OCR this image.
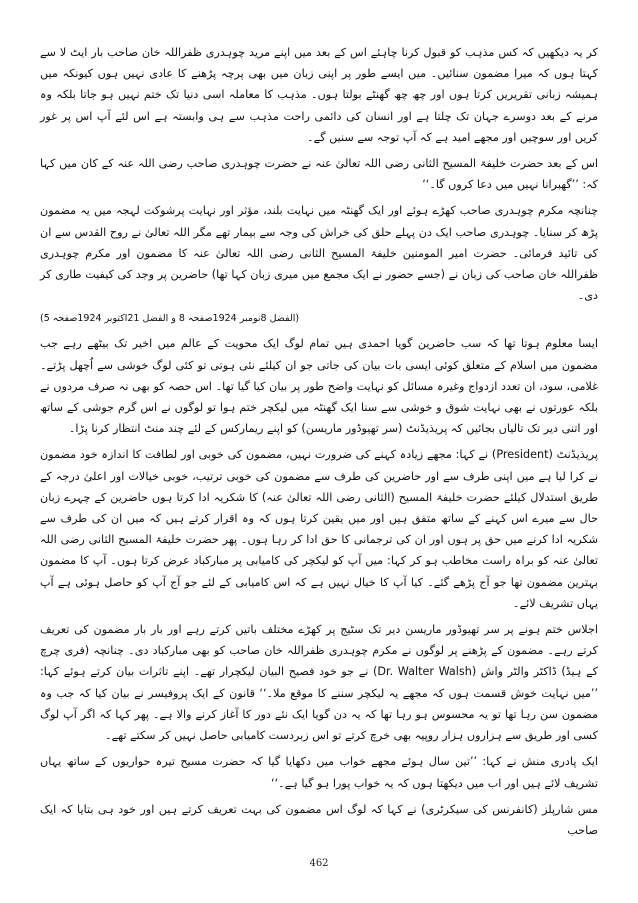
کر یہ دیکھیں کہ کس مذہب کو قبول کرنا چاہئے اس کے بعد میں اپنے مرید چوہدری ظفراللہ خان صاحب بار ایٹ لا سے کہتا ہوں کہ میرا مضمون سنائیں۔ میں ایسے طور پر اپنی زبان میں بھی پرچہ پڑھنے کا عادی نہیں ہوں کیونکہ میں ہمیشہ زبانی تقریریں کرتا ہوں اور چھ چھ گھنٹے بولتا ہوں۔ مذہب کا معاملہ اسی دنیا تک ختم نہیں ہو جاتا بلکہ وہ مرنے کے بعد دوسرے جہان تک چلتا ہے اور انسان کی دائمی راحت مذہب سے ہی وابستہ ہے اس لئے آپ اس پر غور کریں اور سوچیں اور مجھے امید ہے کہ آپ توجہ سے سنیں گے۔

اس کے بعد حضرت خلیفۃ المسیح الثانی رضی اللہ تعالیٰ عنہ نے حضرت چوہدری صاحب رضی اللہ عنہ کے کان میں کہا کہ: ’’گھبرانا نہیں میں دعا کروں گا۔‘‘

چنانچہ مکرم چوہدری صاحب کھڑے ہوئے اور ایک گھنٹہ میں نہایت بلند، مؤثر اور نہایت پرشوکت لہجہ میں یہ مضمون پڑھ کر سنایا۔ چوہدری صاحب ایک دن پہلے حلق کی خراش کی وجہ سے بیمار تھے مگر اللہ تعالیٰ نے روح القدس سے ان کی تائید فرمائی۔ حضرت امیر المومنین خلیفۃ المسیح الثانی رضی اللہ تعالیٰ عنہ کا مضمون اور مکرم چوہدری ظفراللہ خان صاحب کی زبان نے (جسے حضور نے ایک مجمع میں میری زبان کہا تھا) حاضرین پر وجد کی کیفیت طاری کر دی۔

(الفضل 8نومبر 1924صفحہ 8 و الفضل 21اکتوبر 1924صفحہ 5)

ایسا معلوم ہوتا تھا کہ سب حاضرین گویا احمدی ہیں تمام لوگ ایک محویت کے عالم میں اخیر تک بیٹھے رہے جب مضمون میں اسلام کے متعلق کوئی ایسی بات بیان کی جاتی جو ان کیلئے نئی ہوتی تو کئی لوگ خوشی سے اُچھل پڑتے۔ غلامی، سود، ان تعدد ازدواج وغیرہ مسائل کو نہایت واضح طور پر بیان کیا گیا تھا۔ اس حصہ کو بھی نہ صرف مردوں نے بلکہ عورتوں نے بھی نہایت شوق و خوشی سے سنا ایک گھنٹہ میں لیکچر ختم ہوا تو لوگوں نے اس گرم جوشی کے ساتھ اور اتنی دیر تک تالیاں بجائیں کہ پریذیڈنٹ (سر تھیوڈور ماریسن) کو اپنے ریمارکس کے لئے چند منٹ انتظار کرنا پڑا۔

پریذیڈنٹ (President) نے کہا: مجھے زیادہ کہنے کی ضرورت نہیں، مضمون کی خوبی اور لطافت کا اندازہ خود مضمون نے کرا لیا ہے میں اپنی طرف سے اور حاضرین کی طرف سے مضمون کی خوبی ترتیب، خوبی خیالات اور اعلیٰ درجہ کے طریق استدلال کیلئے حضرت خلیفۃ المسیح (الثانی رضی اللہ تعالیٰ عنہ) کا شکریہ ادا کرتا ہوں حاضرین کے چہرے زبان حال سے میرے اس کہنے کے ساتھ متفق ہیں اور میں یقین کرتا ہوں کہ وہ اقرار کرتے ہیں کہ میں ان کی طرف سے شکریہ ادا کرنے میں حق پر ہوں اور ان کی ترجمانی کا حق ادا کر رہا ہوں۔ پھر حضرت خلیفۃ المسیح الثانی رضی اللہ تعالیٰ عنہ کو براہ راست مخاطب ہو کر کہا: میں آپ کو لیکچر کی کامیابی پر مبارکباد عرض کرتا ہوں۔ آپ کا مضمون بہترین مضمون تھا جو آج پڑھے گئے۔ کیا آپ کا خیال نہیں ہے کہ اس کامیابی کے لئے جو آج آپ کو حاصل ہوئی ہے آپ یہاں تشریف لائے۔

اجلاس ختم ہونے پر سر تھیوڈور ماریسن دیر تک سٹیج پر کھڑے مختلف باتیں کرتے رہے اور بار بار مضمون کی تعریف کرتے رہے۔ مضمون کے پڑھنے پر لوگوں نے مکرم چوہدری ظفراللہ خان صاحب کو بھی مبارکباد دی۔ چنانچہ (فری چرچ کے ہیڈ) ڈاکٹر والٹر واش (Dr. Walter Walsh) نے جو خود فصیح البیان لیکچرار تھے۔ اپنے تاثرات بیان کرتے ہوئے کہا: ’’میں نہایت خوش قسمت ہوں کہ مجھے یہ لیکچر سننے کا موقع ملا۔‘‘ قانون کے ایک پروفیسر نے بیان کیا کہ جب وہ مضمون سن رہا تھا تو یہ محسوس ہو رہا تھا کہ یہ دن گویا ایک نئے دور کا آغاز کرنے والا ہے۔ پھر کہا کہ اگر آپ لوگ کسی اور طریق سے ہزاروں ہزار روپیہ بھی خرچ کرتے تو اس زبردست کامیابی حاصل نہیں کر سکتے تھے۔

ایک پادری منش نے کہا: ’’تین سال ہوئے مجھے خواب میں دکھایا گیا کہ حضرت مسیح تیرہ حواریوں کے ساتھ یہاں تشریف لائے ہیں اور اب میں دیکھتا ہوں کہ یہ خواب پورا ہو گیا ہے۔‘‘

مس شارپلز (کانفرنس کی سیکرٹری) نے کہا کہ لوگ اس مضمون کی بہت تعریف کرتے ہیں اور خود ہی بتایا کہ ایک صاحب

462
